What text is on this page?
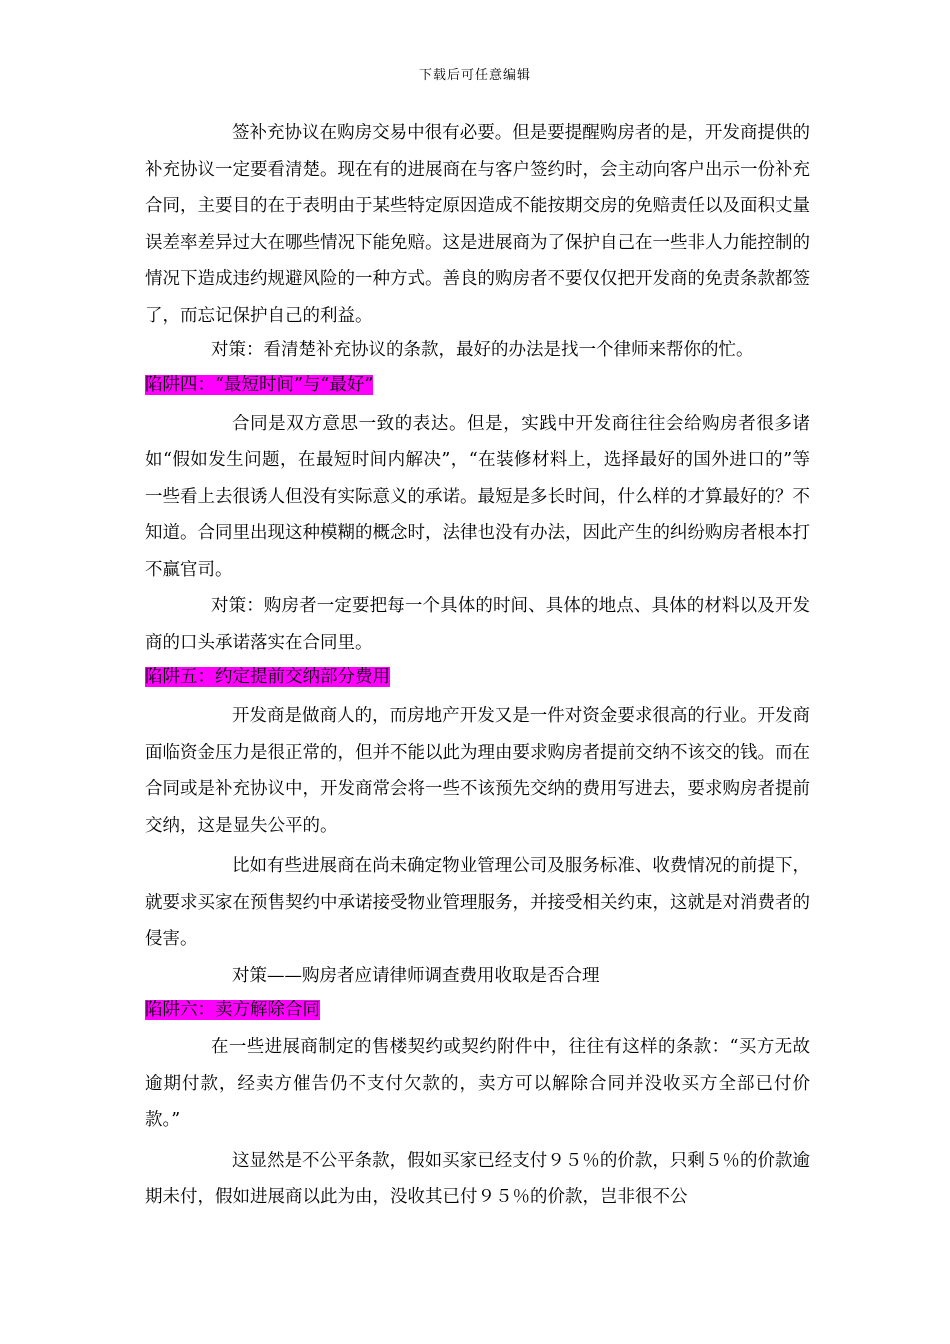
下载后可任意编辑

签补充协议在购房交易中很有必要。但是要提醒购房者的是，开发商提供的补充协议一定要看清楚。现在有的进展商在与客户签约时，会主动向客户出示一份补充合同，主要目的在于表明由于某些特定原因造成不能按期交房的免赔责任以及面积丈量误差率差异过大在哪些情况下能免赔。这是进展商为了保护自己在一些非人力能控制的情况下造成违约规避风险的一种方式。善良的购房者不要仅仅把开发商的免责条款都签了，而忘记保护自己的利益。

对策：看清楚补充协议的条款，最好的办法是找一个律师来帮你的忙。

陷阱四：“最短时间”与“最好”

合同是双方意思一致的表达。但是，实践中开发商往往会给购房者很多诸如“假如发生问题，在最短时间内解决”，“在装修材料上，选择最好的国外进口的”等一些看上去很诱人但没有实际意义的承诺。最短是多长时间，什么样的才算最好的？不知道。合同里出现这种模糊的概念时，法律也没有办法，因此产生的纠纷购房者根本打不赢官司。

对策：购房者一定要把每一个具体的时间、具体的地点、具体的材料以及开发商的口头承诺落实在合同里。

陷阱五：约定提前交纳部分费用

开发商是做商人的，而房地产开发又是一件对资金要求很高的行业。开发商面临资金压力是很正常的，但并不能以此为理由要求购房者提前交纳不该交的钱。而在合同或是补充协议中，开发商常会将一些不该预先交纳的费用写进去，要求购房者提前交纳，这是显失公平的。

比如有些进展商在尚未确定物业管理公司及服务标准、收费情况的前提下，就要求买家在预售契约中承诺接受物业管理服务，并接受相关约束，这就是对消费者的侵害。

对策——购房者应请律师调查费用收取是否合理

陷阱六：卖方解除合同

在一些进展商制定的售楼契约或契约附件中，往往有这样的条款：“买方无故逾期付款，经卖方催告仍不支付欠款的，卖方可以解除合同并没收买方全部已付价款。”

这显然是不公平条款，假如买家已经支付９５％的价款，只剩５％的价款逾期未付，假如进展商以此为由，没收其已付９５％的价款，岂非很不公
